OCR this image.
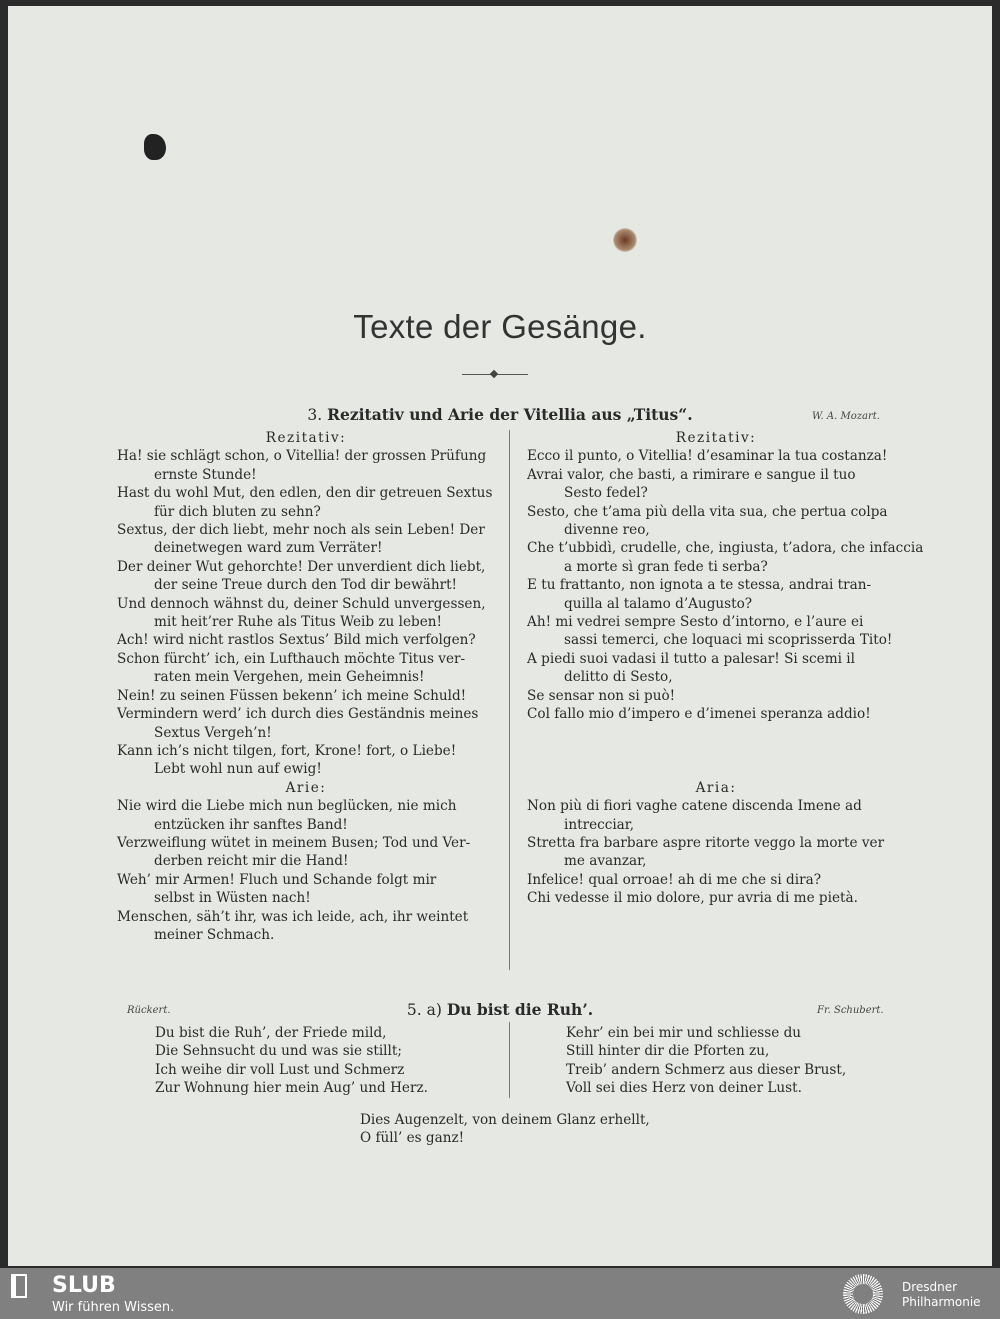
Texte der Gesänge.
3. Rezitativ und Arie der Vitellia aus „Titus“.	W. A. Mozart.
Rezitativ:
Ha! sie schlägt schon, o Vitellia! der grossen Prüfung
ernste Stunde!
Hast du wohl Mut, den edlen, den dir getreuen Sextus
für dich bluten zu sehn?
Sextus, der dich liebt, mehr noch als sein Leben! Der
deinetwegen ward zum Verräter!
Der deiner Wut gehorchte! Der unverdient dich liebt,
der seine Treue durch den Tod dir bewährt!
Und dennoch wähnst du, deiner Schuld unvergessen,
mit heit’rer Ruhe als Titus Weib zu leben!
Ach! wird nicht rastlos Sextus’ Bild mich verfolgen?
Schon fürcht’ ich, ein Lufthauch möchte Titus ver-
raten mein Vergehen, mein Geheimnis!
Nein! zu seinen Füssen bekenn’ ich meine Schuld!
Vermindern werd’ ich durch dies Geständnis meines
Sextus Vergeh’n!
Kann ich’s nicht tilgen, fort, Krone! fort, o Liebe!
Lebt wohl nun auf ewig!
Arie:
Nie wird die Liebe mich nun beglücken, nie mich
entzücken ihr sanftes Band!
Verzweiflung wütet in meinem Busen; Tod und Ver-
derben reicht mir die Hand!
Weh’ mir Armen! Fluch und Schande folgt mir
selbst in Wüsten nach!
Menschen, säh’t ihr, was ich leide, ach, ihr weintet
meiner Schmach.
Rezitativ:
Ecco il punto, o Vitellia! d’esaminar la tua costanza!
Avrai valor, che basti, a rimirare e sangue il tuo
Sesto fedel?
Sesto, che t’ama più della vita sua, che pertua colpa
divenne reo,
Che t’ubbidì, crudelle, che, ingiusta, t’adora, che infaccia
a morte sì gran fede ti serba?
E tu frattanto, non ignota a te stessa, andrai tran-
quilla al talamo d’Augusto?
Ah! mi vedrei sempre Sesto d’intorno, e l’aure ei
sassi temerci, che loquaci mi scoprisserda Tito!
A piedi suoi vadasi il tutto a palesar! Si scemi il
delitto di Sesto,
Se sensar non si può!
Col fallo mio d’impero e d’imenei speranza addio!
Aria:
Non più di fiori vaghe catene discenda Imene ad
intrecciar,
Stretta fra barbare aspre ritorte veggo la morte ver
me avanzar,
Infelice! qual orroae! ah di me che si dira?
Chi vedesse il mio dolore, pur avria di me pietà.
Rückert.	5. a) Du bist die Ruh’.	Fr. Schubert.
Du bist die Ruh’, der Friede mild,
Die Sehnsucht du und was sie stillt;
Ich weihe dir voll Lust und Schmerz
Zur Wohnung hier mein Aug’ und Herz.
Kehr’ ein bei mir und schliesse du
Still hinter dir die Pforten zu,
Treib’ andern Schmerz aus dieser Brust,
Voll sei dies Herz von deiner Lust.
Dies Augenzelt, von deinem Glanz erhellt,
O füll’ es ganz!
SLUB
Wir führen Wissen.
Dresdner
Philharmonie
